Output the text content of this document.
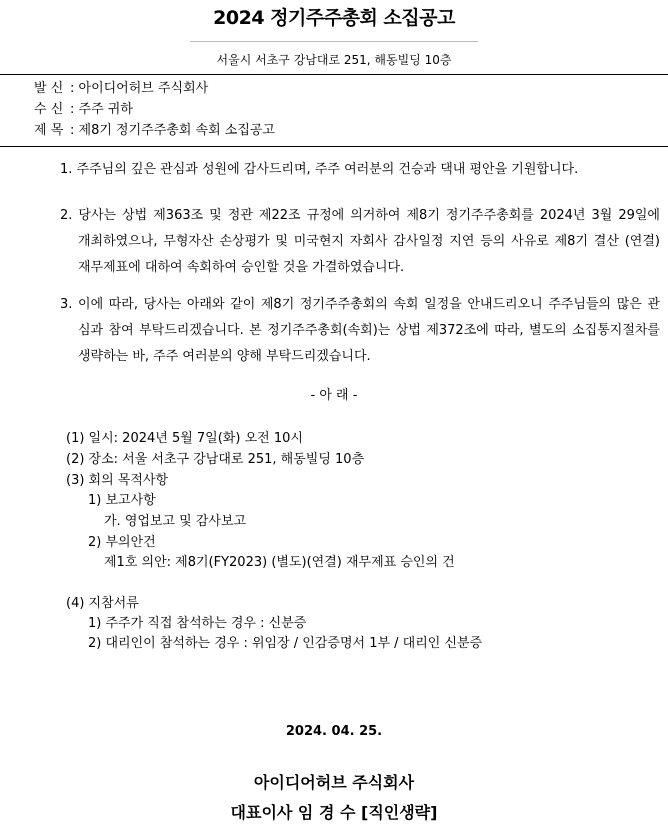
2024 정기주주총회 소집공고
서울시 서초구 강남대로 251, 해동빌딩 10층
발 신 : 아이디어허브 주식회사
수 신 : 주주 귀하
제 목 : 제8기 정기주주총회 속회 소집공고
1. 주주님의 깊은 관심과 성원에 감사드리며, 주주 여러분의 건승과 댁내 평안을 기원합니다.
2. 당사는 상법 제363조 및 정관 제22조 규정에 의거하여 제8기 정기주주총회를 2024년 3월 29일에
개최하였으나, 무형자산 손상평가 및 미국현지 자회사 감사일정 지연 등의 사유로 제8기 결산 (연결)
재무제표에 대하여 속회하여 승인할 것을 가결하였습니다.
3. 이에 따라, 당사는 아래와 같이 제8기 정기주주총회의 속회 일정을 안내드리오니 주주님들의 많은 관
심과 참여 부탁드리겠습니다. 본 정기주주총회(속회)는 상법 제372조에 따라, 별도의 소집통지절차를
생략하는 바, 주주 여러분의 양해 부탁드리겠습니다.
- 아 래 -
(1) 일시: 2024년 5월 7일(화) 오전 10시
(2) 장소: 서울 서초구 강남대로 251, 해동빌딩 10층
(3) 회의 목적사항
1) 보고사항
가. 영업보고 및 감사보고
2) 부의안건
제1호 의안: 제8기(FY2023) (별도)(연결) 재무제표 승인의 건
(4) 지참서류
1) 주주가 직접 참석하는 경우 : 신분증
2) 대리인이 참석하는 경우 : 위임장 / 인감증명서 1부 / 대리인 신분증
2024. 04. 25.
아이디어허브 주식회사
대표이사 임 경 수 [직인생략]
